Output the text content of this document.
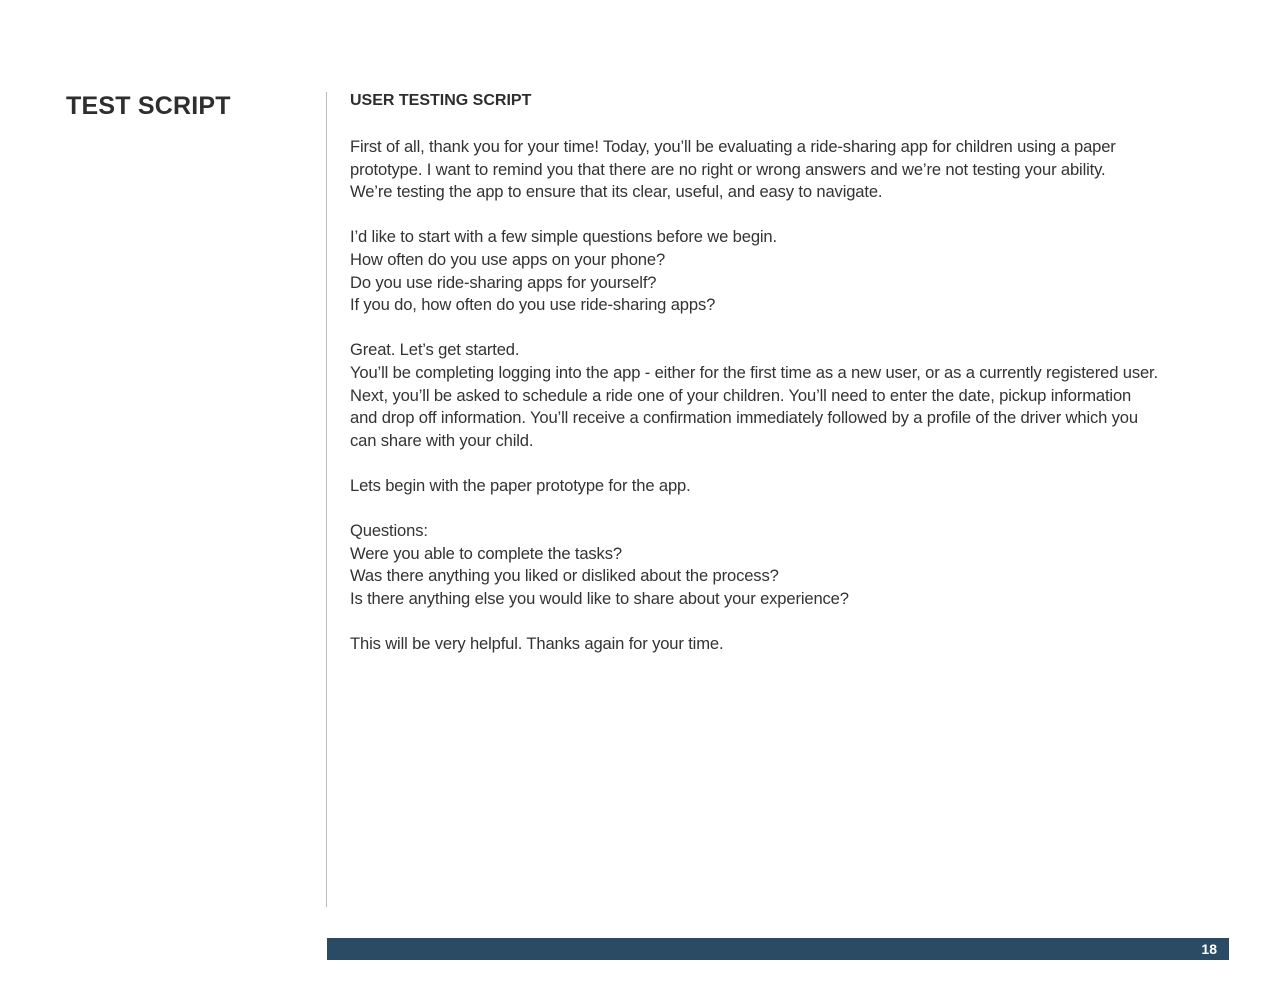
TEST SCRIPT	USER TESTING SCRIPT

First of all, thank you for your time! Today, you’ll be evaluating a ride-sharing app for children using a paper
prototype. I want to remind you that there are no right or wrong answers and we’re not testing your ability.
We’re testing the app to ensure that its clear, useful, and easy to navigate.

I’d like to start with a few simple questions before we begin.
How often do you use apps on your phone?
Do you use ride-sharing apps for yourself?
If you do, how often do you use ride-sharing apps?

Great. Let’s get started.
You’ll be completing logging into the app - either for the first time as a new user, or as a currently registered user.
Next, you’ll be asked to schedule a ride one of your children. You’ll need to enter the date, pickup information
and drop off information. You’ll receive a confirmation immediately followed by a profile of the driver which you
can share with your child.

Lets begin with the paper prototype for the app.

Questions:
Were you able to complete the tasks?
Was there anything you liked or disliked about the process?
Is there anything else you would like to share about your experience?

This will be very helpful. Thanks again for your time.

18
